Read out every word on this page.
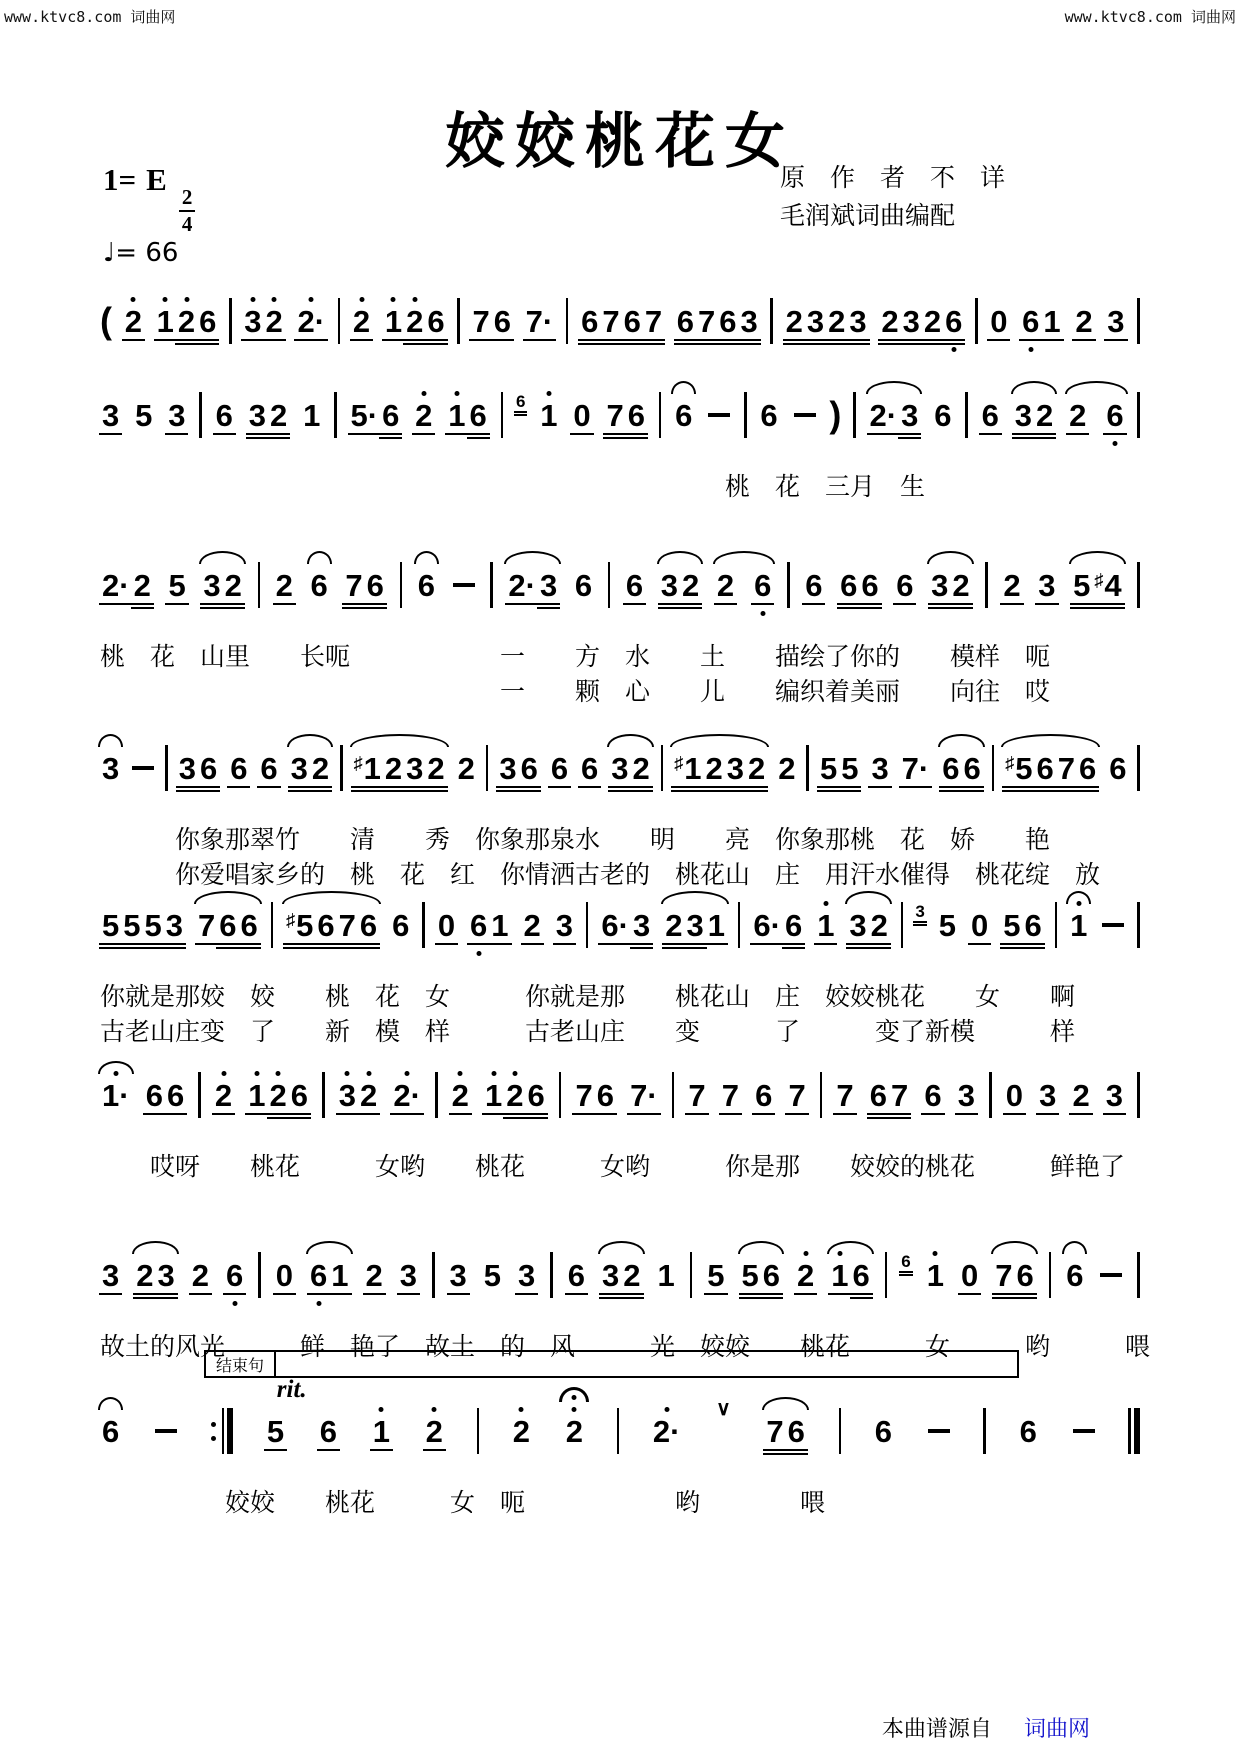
www.ktvc8.com 词曲网	www.ktvc8.com 词曲网
姣姣桃花女
1= E
$\frac{2}{4}$
♩= 66
原　作　者　不　详
毛润斌词曲编配
( 2 1 2 6 3 2 2· 2 1 2 6 7 6 7· 6 7 6 7 6 7 6 3 2 3 2 3 2 3 2 6 0 6 1 2 3
3 5 3 6 3 2 1 5· 6 2 1 6 6 1 0 7 6 6 6 ) 2· 3 6 6 3 2 2 6
　　　　　　　　　　　　　　　　　　　　　　　　　桃　花　三月　生
2· 2 5 3 2 2 6 7 6 6 2· 3 6 6 3 2 2 6 6 6 6 6 3 2 2 3 5 ♯4
桃　花　山里　　长呃　　　　　　一　　方　水　　土　　描绘了你的　　模样　呃
　　　　　　　　　　　　　　　　一　　颗　心　　儿　　编织着美丽　　向往　哎
3 3 6 6 6 3 2 ♯1 2 3 2 2 3 6 6 6 3 2 ♯1 2 3 2 2 5 5 3 7· 6 6 ♯5 6 7 6 6
　　　你象那翠竹　　清　　秀　你象那泉水　　明　　亮　你象那桃　花　娇　　艳
　　　你爱唱家乡的　桃　花　红　你情洒古老的　桃花山　庄　用汗水催得　桃花绽　放
5 5 5 3 7 6 6 ♯5 6 7 6 6 0 6 1 2 3 6· 3 2 3 1 6· 6 1 3 2 3 5 0 5 6 1
你就是那姣　姣　　桃　花　女　　　你就是那　　桃花山　庄　姣姣桃花　　女　　啊
古老山庄变　了　　新　模　样　　　古老山庄　　变　　　了　　　变了新模　　　样
1· 6 6 2 1 2 6 3 2 2· 2 1 2 6 7 6 7· 7 7 6 7 7 6 7 6 3 0 3 2 3
　　哎呀　　桃花　　　女哟　　桃花　　　女哟　　　你是那　　姣姣的桃花　　　鲜艳了
3 2 3 2 6 0 6 1 2 3 3 5 3 6 3 2 1 5 5 6 2 1 6 6 1 0 7 6 6
故土的风光　　　鲜　艳了　故土　的　风　　　光　姣姣　　桃花　　　女　　　哟　　　喂
结束句
rit.
6	5 6 1 2 2 2 2·
∨
7 6 6	6
　　　　　姣姣　　桃花　　　女　呃　　　　　　哟　　　　喂
本曲谱源自 词曲网
